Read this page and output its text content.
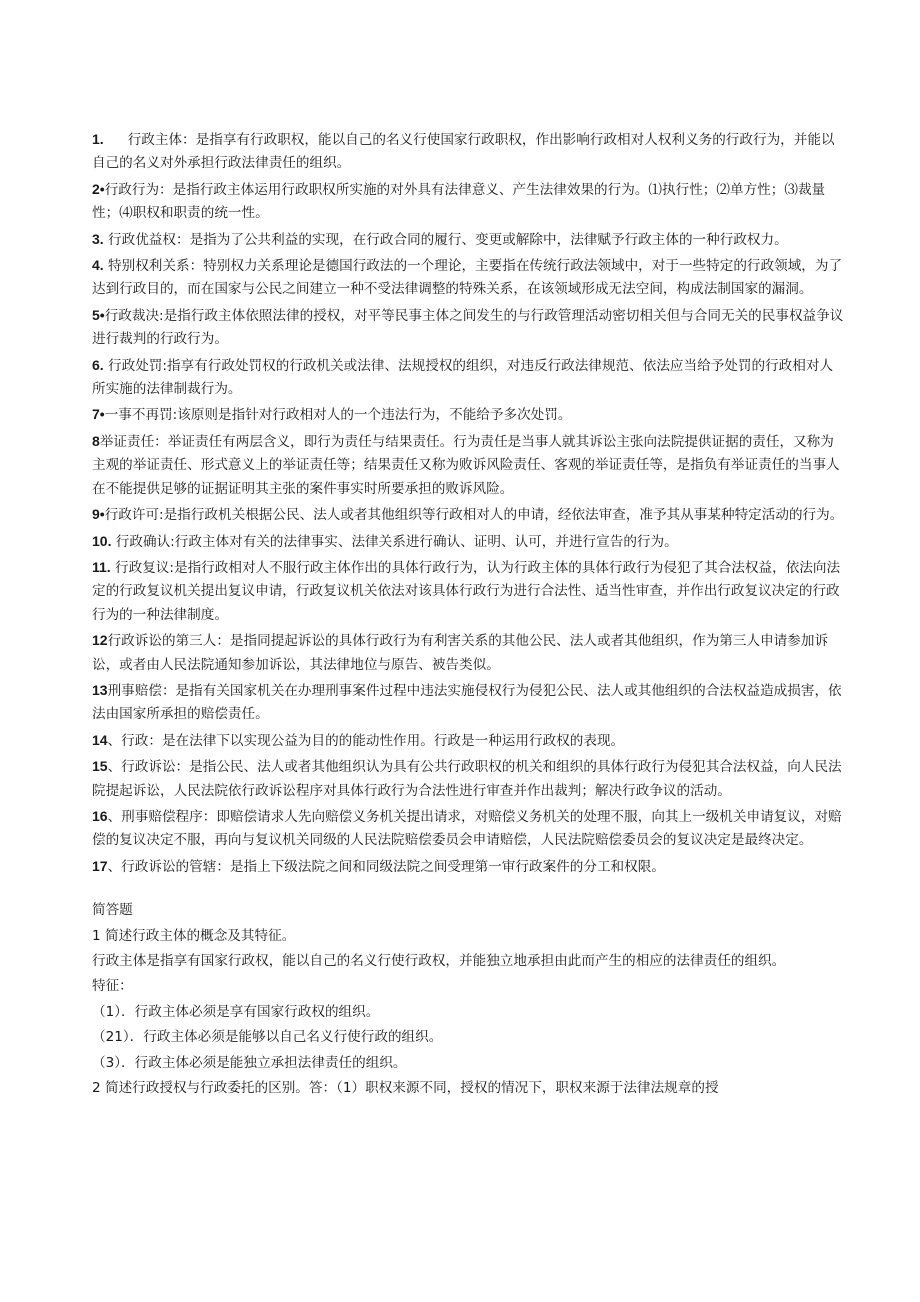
1. 行政主体：是指享有行政职权，能以自己的名义行使国家行政职权，作出影响行政相对人权利义务的行政行为，并能以自己的名义对外承担行政法律责任的组织。

2•行政行为：是指行政主体运用行政职权所实施的对外具有法律意义、产生法律效果的行为。⑴执行性；⑵单方性；⑶裁量性；⑷职权和职责的统一性。

3. 行政优益权：是指为了公共利益的实现，在行政合同的履行、变更或解除中，法律赋予行政主体的一种行政权力。

4. 特别权利关系：特别权力关系理论是德国行政法的一个理论，主要指在传统行政法领域中，对于一些特定的行政领域，为了达到行政目的，而在国家与公民之间建立一种不受法律调整的特殊关系，在该领域形成无法空间，构成法制国家的漏洞。

5•行政裁决:是指行政主体依照法律的授权，对平等民事主体之间发生的与行政管理活动密切相关但与合同无关的民事权益争议进行裁判的行政行为。

6. 行政处罚:指享有行政处罚权的行政机关或法律、法规授权的组织，对违反行政法律规范、依法应当给予处罚的行政相对人所实施的法律制裁行为。

7•一事不再罚:该原则是指针对行政相对人的一个违法行为，不能给予多次处罚。

8举证责任：举证责任有两层含义，即行为责任与结果责任。行为责任是当事人就其诉讼主张向法院提供证据的责任，又称为主观的举证责任、形式意义上的举证责任等；结果责任又称为败诉风险责任、客观的举证责任等，是指负有举证责任的当事人在不能提供足够的证据证明其主张的案件事实时所要承担的败诉风险。

9•行政许可:是指行政机关根据公民、法人或者其他组织等行政相对人的申请，经依法审查，准予其从事某种特定活动的行为。

10. 行政确认:行政主体对有关的法律事实、法律关系进行确认、证明、认可，并进行宣告的行为。

11. 行政复议:是指行政相对人不服行政主体作出的具体行政行为，认为行政主体的具体行政行为侵犯了其合法权益，依法向法定的行政复议机关提出复议申请，行政复议机关依法对该具体行政行为进行合法性、适当性审查，并作出行政复议决定的行政行为的一种法律制度。

12行政诉讼的第三人：是指同提起诉讼的具体行政行为有利害关系的其他公民、法人或者其他组织，作为第三人申请参加诉讼，或者由人民法院通知参加诉讼，其法律地位与原告、被告类似。

13刑事赔偿：是指有关国家机关在办理刑事案件过程中违法实施侵权行为侵犯公民、法人或其他组织的合法权益造成损害，依法由国家所承担的赔偿责任。

14、行政：是在法律下以实现公益为目的的能动性作用。行政是一种运用行政权的表现。

15、行政诉讼：是指公民、法人或者其他组织认为具有公共行政职权的机关和组织的具体行政行为侵犯其合法权益，向人民法院提起诉讼，人民法院依行政诉讼程序对具体行政行为合法性进行审查并作出裁判；解决行政争议的活动。

16、刑事赔偿程序：即赔偿请求人先向赔偿义务机关提出请求，对赔偿义务机关的处理不服，向其上一级机关申请复议，对赔偿的复议决定不服，再向与复议机关同级的人民法院赔偿委员会申请赔偿，人民法院赔偿委员会的复议决定是最终决定。

17、行政诉讼的管辖：是指上下级法院之间和同级法院之间受理第一审行政案件的分工和权限。

简答题

1 简述行政主体的概念及其特征。

行政主体是指享有国家行政权，能以自己的名义行使行政权，并能独立地承担由此而产生的相应的法律责任的组织。

特征：

（1）．行政主体必须是享有国家行政权的组织。

（21）．行政主体必须是能够以自己名义行使行政的组织。

（3）．行政主体必须是能独立承担法律责任的组织。

2 简述行政授权与行政委托的区别。答：（1）职权来源不同，授权的情况下，职权来源于法律法规章的授
